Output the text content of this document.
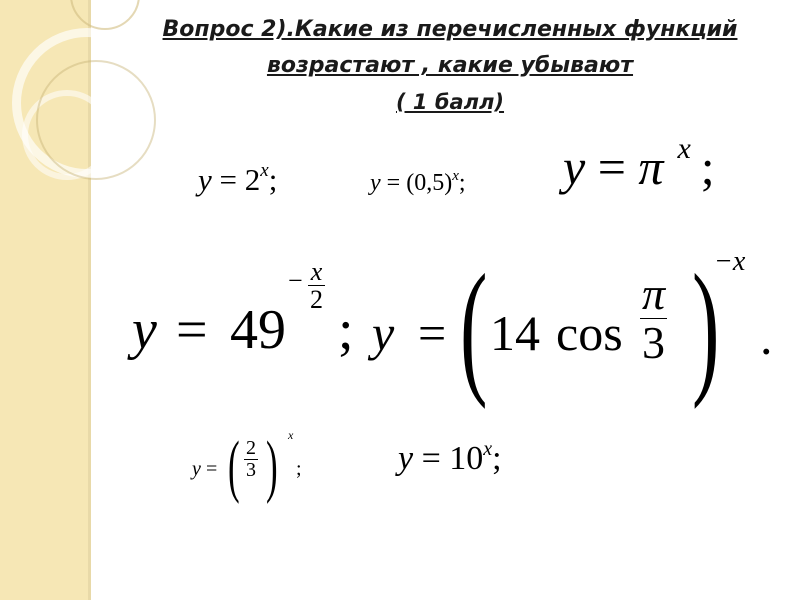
Вопрос 2).Какие из перечисленных функций
возрастают , какие убывают
( 1 балл)
$y = 2^x$;	$y = (0,5)^x$; y = π $^x$ ;
y = 49
− x
2 ; y = ( 14 cos
π
3 )
−x
.
y = ( 2
3 ) x
;	$y = 10^x$;
